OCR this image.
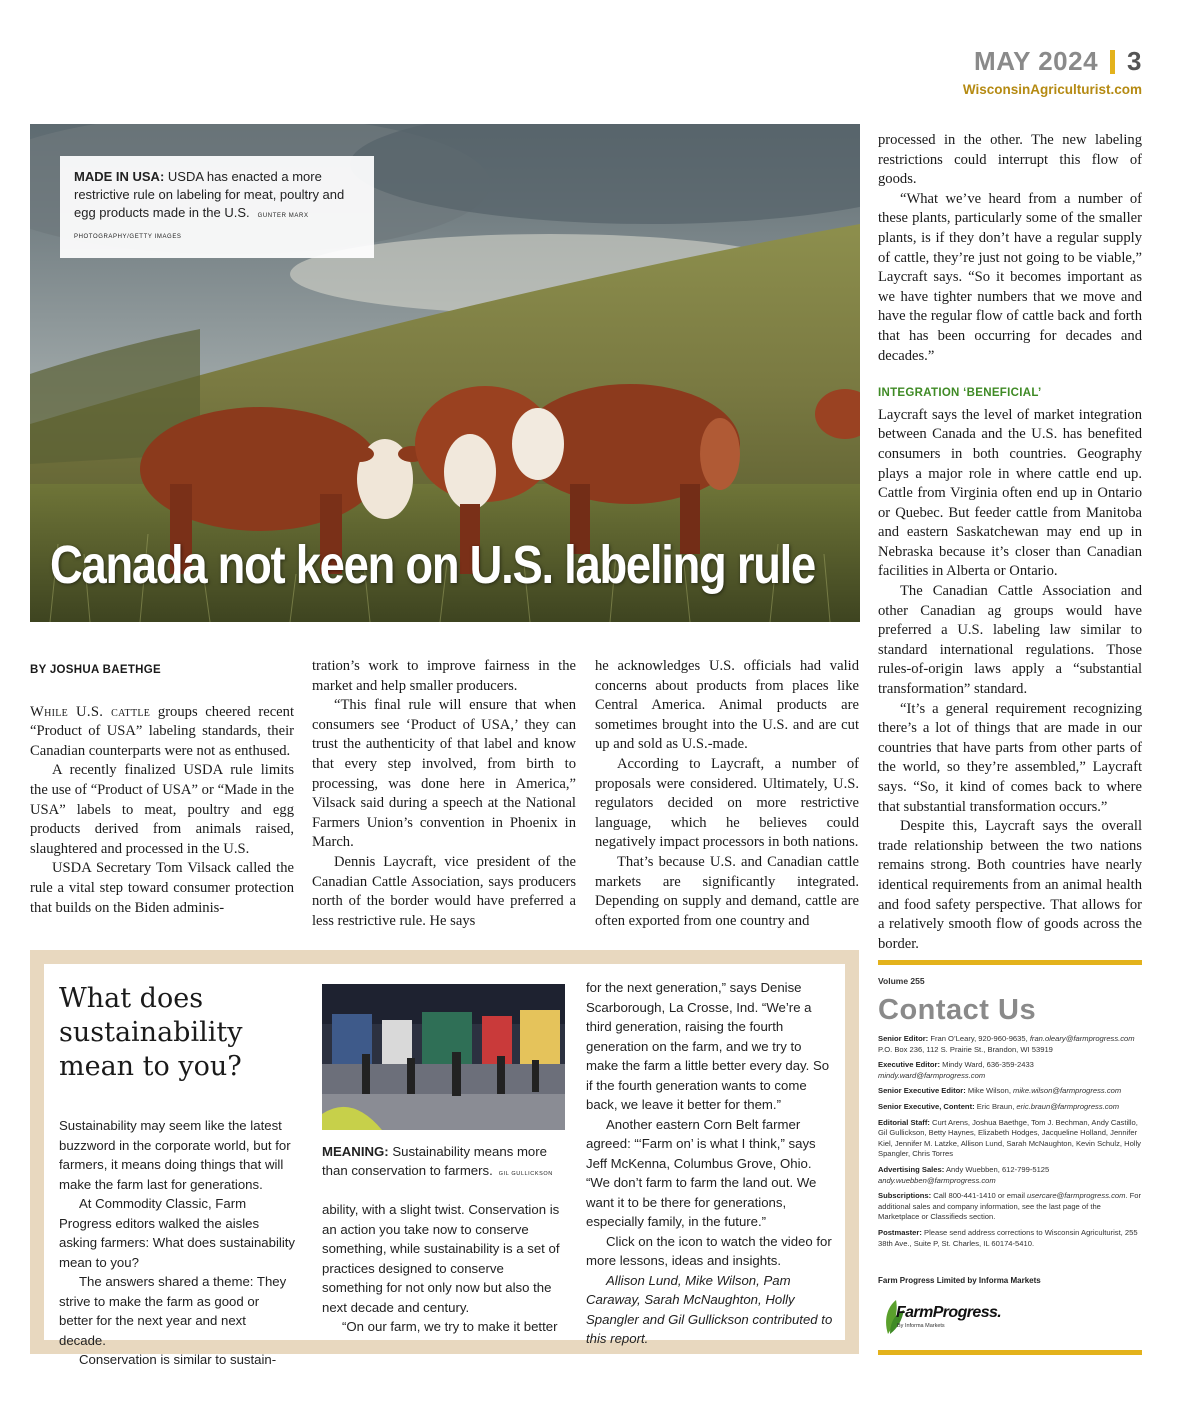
MAY 2024 3
WisconsinAgriculturist.com
MADE IN USA: USDA has enacted a more restrictive rule on labeling for meat, poultry and egg products made in the U.S. GUNTER MARX PHOTOGRAPHY/GETTY IMAGES
Canada not keen on U.S. labeling rule
BY JOSHUA BAETHGE

While U.S. cattle groups cheered recent “Product of USA” labeling standards, their Canadian counterparts were not as enthused.

A recently finalized USDA rule limits the use of “Product of USA” or “Made in the USA” labels to meat, poultry and egg products derived from animals raised, slaughtered and processed in the U.S.

USDA Secretary Tom Vilsack called the rule a vital step toward consumer protection that builds on the Biden adminis-

tration’s work to improve fairness in the market and help smaller producers.

“This final rule will ensure that when consumers see ‘Product of USA,’ they can trust the authenticity of that label and know that every step involved, from birth to processing, was done here in America,” Vilsack said during a speech at the National Farmers Union’s convention in Phoenix in March.

Dennis Laycraft, vice president of the Canadian Cattle Association, says producers north of the border would have preferred a less restrictive rule. He says

he acknowledges U.S. officials had valid concerns about products from places like Central America. Animal products are sometimes brought into the U.S. and are cut up and sold as U.S.-made.

According to Laycraft, a number of proposals were considered. Ultimately, U.S. regulators decided on more restrictive language, which he believes could negatively impact processors in both nations.

That’s because U.S. and Canadian cattle markets are significantly integrated. Depending on supply and demand, cattle are often exported from one country and

processed in the other. The new labeling restrictions could interrupt this flow of goods.

“What we’ve heard from a number of these plants, particularly some of the smaller plants, is if they don’t have a regular supply of cattle, they’re just not going to be viable,” Laycraft says. “So it becomes important as we have tighter numbers that we move and have the regular flow of cattle back and forth that has been occurring for decades and decades.”

INTEGRATION ‘BENEFICIAL’

Laycraft says the level of market integration between Canada and the U.S. has benefited consumers in both countries. Geography plays a major role in where cattle end up. Cattle from Virginia often end up in Ontario or Quebec. But feeder cattle from Manitoba and eastern Saskatchewan may end up in Nebraska because it’s closer than Canadian facilities in Alberta or Ontario.

The Canadian Cattle Association and other Canadian ag groups would have preferred a U.S. labeling law similar to standard international regulations. Those rules-of-origin laws apply a “substantial transformation” standard.

“It’s a general requirement recognizing there’s a lot of things that are made in our countries that have parts from other parts of the world, so they’re assembled,” Laycraft says. “So, it kind of comes back to where that substantial transformation occurs.”

Despite this, Laycraft says the overall trade relationship between the two nations remains strong. Both countries have nearly identical requirements from an animal health and food safety perspective. That allows for a relatively smooth flow of goods across the border.

What does sustainability mean to you?

Sustainability may seem like the latest buzzword in the corporate world, but for farmers, it means doing things that will make the farm last for generations.

At Commodity Classic, Farm Progress editors walked the aisles asking farmers: What does sustainability mean to you?

The answers shared a theme: They strive to make the farm as good or better for the next year and next decade.

Conservation is similar to sustain-

MEANING: Sustainability means more than conservation to farmers. GIL GULLICKSON

ability, with a slight twist. Conservation is an action you take now to conserve something, while sustainability is a set of practices designed to conserve something for not only now but also the next decade and century.

“On our farm, we try to make it better

for the next generation,” says Denise Scarborough, La Crosse, Ind. “We’re a third generation, raising the fourth generation on the farm, and we try to make the farm a little better every day. So if the fourth generation wants to come back, we leave it better for them.”

Another eastern Corn Belt farmer agreed: “‘Farm on’ is what I think,” says Jeff McKenna, Columbus Grove, Ohio. “We don’t farm to farm the land out. We want it to be there for generations, especially family, in the future.”

Click on the icon to watch the video for more lessons, ideas and insights.

Allison Lund, Mike Wilson, Pam Caraway, Sarah McNaughton, Holly Spangler and Gil Gullickson contributed to this report.

Volume 255
Contact Us
Senior Editor: Fran O’Leary, 920-960-9635, fran.oleary@farmprogress.com P.O. Box 236, 112 S. Prairie St., Brandon, WI 53919
Executive Editor: Mindy Ward, 636-359-2433 mindy.ward@farmprogress.com
Senior Executive Editor: Mike Wilson, mike.wilson@farmprogress.com
Senior Executive, Content: Eric Braun, eric.braun@farmprogress.com
Editorial Staff: Curt Arens, Joshua Baethge, Tom J. Bechman, Andy Castillo, Gil Gullickson, Betty Haynes, Elizabeth Hodges, Jacqueline Holland, Jennifer Kiel, Jennifer M. Latzke, Allison Lund, Sarah McNaughton, Kevin Schulz, Holly Spangler, Chris Torres
Advertising Sales: Andy Wuebben, 612-799-5125 andy.wuebben@farmprogress.com
Subscriptions: Call 800-441-1410 or email usercare@farmprogress.com. For additional sales and company information, see the last page of the Marketplace or Classifieds section.
Postmaster: Please send address corrections to Wisconsin Agriculturist, 255 38th Ave., Suite P, St. Charles, IL 60174-5410.
Farm Progress Limited by Informa Markets
FarmProgress.
By Informa Markets
